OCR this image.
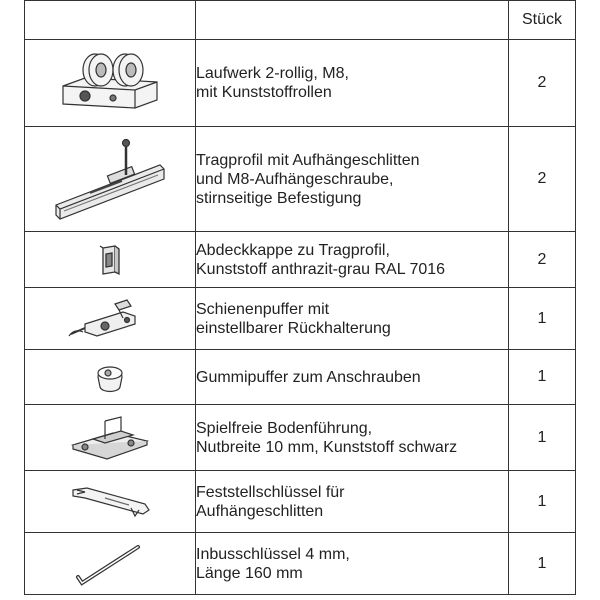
		Stück

Laufwerk 2-rollig, M8,
mit Kunststoffrollen	2

Tragprofil mit Aufhängeschlitten
und M8-Aufhängeschraube,
stirnseitige Befestigung	2

Abdeckkappe zu Tragprofil,
Kunststoff anthrazit-grau RAL 7016	2

Schienenpuffer mit
einstellbarer Rückhalterung	1

Gummipuffer zum Anschrauben	1

Spielfreie Bodenführung,
Nutbreite 10 mm, Kunststoff schwarz	1

Feststellschlüssel für
Aufhängeschlitten	1

Inbusschlüssel 4 mm,
Länge 160 mm	1
